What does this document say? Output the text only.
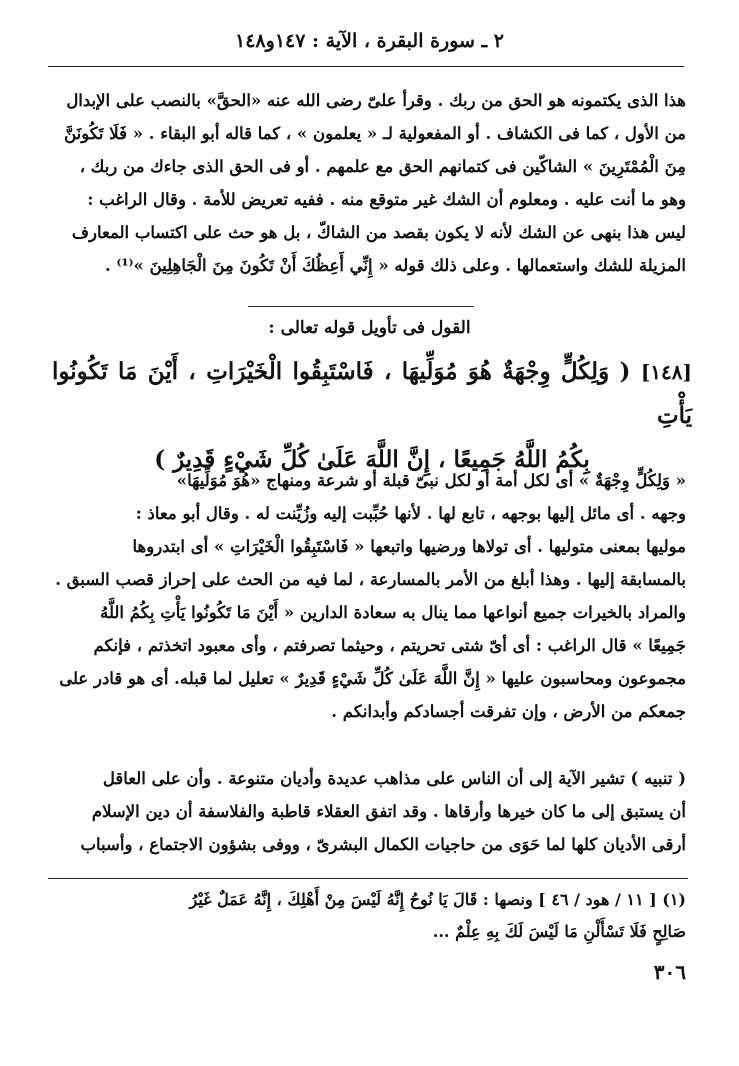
٢ ـ سورة البقرة ، الآية : ١٤٧و١٤٨

هذا الذى يكتمونه هو الحق من ربك . وقرأ علىّ رضى الله عنه «الحقَّ» بالنصب على الإبدال

من الأول ، كما فى الكشاف . أو المفعولية لـ « يعلمون » ، كما قاله أبو البقاء . « فَلَا تَكُونَنَّ

مِنَ الْمُمْتَرِينَ » الشاكّين فى كتمانهم الحق مع علمهم . أو فى الحق الذى جاءك من ربك ،

وهو ما أنت عليه . ومعلوم أن الشك غير متوقع منه . ففيه تعريض للأمة . وقال الراغب :

ليس هذا بنهى عن الشك لأنه لا يكون بقصد من الشاكّ ، بل هو حث على اكتساب المعارف

المزيلة للشك واستعمالها . وعلى ذلك قوله « إِنِّي أَعِظُكَ أَنْ تَكُونَ مِنَ الْجَاهِلِينَ »⁽¹⁾ .

القول فى تأويل قوله تعالى :
[١٤٨] ( وَلِكُلٍّ وِجْهَةٌ هُوَ مُوَلِّيهَا ، فَاسْتَبِقُوا الْخَيْرَاتِ ، أَيْنَ مَا تَكُونُوا يَأْتِ
بِكُمُ اللَّهُ جَمِيعًا ، إِنَّ اللَّهَ عَلَىٰ كُلِّ شَيْءٍ قَدِيرٌ )

« وَلِكُلٍّ وِجْهَةٌ » أى لكل أمة أو لكل نبىّ قبلة أو شرعة ومنهاج «هُوَ مُوَلِّيهَا»

وجهه . أى مائل إليها بوجهه ، تابع لها . لأنها حُبِّبت إليه وزُيِّنت له . وقال أبو معاذ :

موليها بمعنى متوليها . أى تولاها ورضيها واتبعها « فَاسْتَبِقُوا الْخَيْرَاتِ » أى ابتدروها

بالمسابقة إليها . وهذا أبلغ من الأمر بالمسارعة ، لما فيه من الحث على إحراز قصب السبق .

والمراد بالخيرات جميع أنواعها مما ينال به سعادة الدارين « أَيْنَ مَا تَكُونُوا يَأْتِ بِكُمُ اللَّهُ

جَمِيعًا » قال الراغب : أى أىّ شتى تحريتم ، وحيثما تصرفتم ، وأى معبود اتخذتم ، فإنكم

مجموعون ومحاسبون عليها « إِنَّ اللَّهَ عَلَىٰ كُلِّ شَيْءٍ قَدِيرٌ » تعليل لما قبله. أى هو قادر على

جمعكم من الأرض ، وإن تفرقت أجسادكم وأبدانكم .

( تنبيه ) تشير الآية إلى أن الناس على مذاهب عديدة وأديان متنوعة . وأن على العاقل

أن يستبق إلى ما كان خيرها وأرقاها . وقد اتفق العقلاء قاطبة والفلاسفة أن دين الإسلام

أرقى الأديان كلها لما حَوَى من حاجيات الكمال البشرىّ ، ووفى بشؤون الاجتماع ، وأسباب

(١) [ ١١ / هود / ٤٦ ] ونصها : قَالَ يَا نُوحُ إِنَّهُ لَيْسَ مِنْ أَهْلِكَ ، إِنَّهُ عَمَلٌ غَيْرُ

صَالِحٍ فَلَا تَسْأَلْنِ مَا لَيْسَ لَكَ بِهِ عِلْمٌ ...

٣٠٦
